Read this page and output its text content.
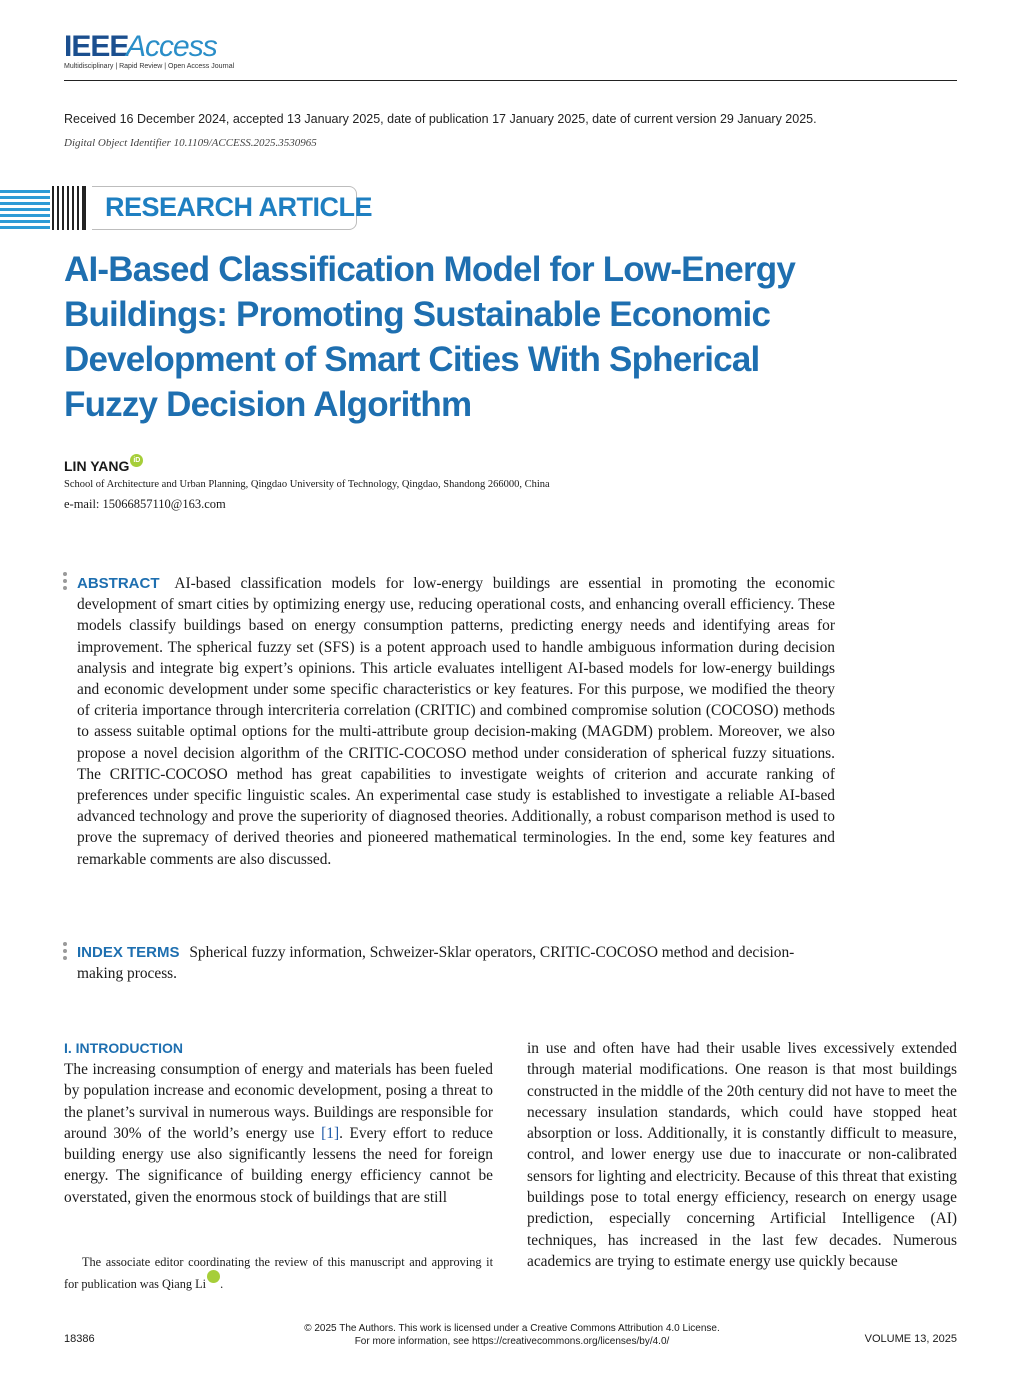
IEEE
Access
Multidisciplinary | Rapid Review | Open Access Journal
Received 16 December 2024, accepted 13 January 2025, date of publication 17 January 2025, date of current version 29 January 2025.
Digital Object Identifier 10.1109/ACCESS.2025.3530965
RESEARCH ARTICLE
AI-Based Classification Model for Low-Energy Buildings: Promoting Sustainable Economic Development of Smart Cities With Spherical Fuzzy Decision Algorithm
LIN YANG iD
School of Architecture and Urban Planning, Qingdao University of Technology, Qingdao, Shandong 266000, China
e-mail: 15066857110@163.com
ABSTRACT AI-based classification models for low-energy buildings are essential in promoting the economic development of smart cities by optimizing energy use, reducing operational costs, and enhancing overall efficiency. These models classify buildings based on energy consumption patterns, predicting energy needs and identifying areas for improvement. The spherical fuzzy set (SFS) is a potent approach used to handle ambiguous information during decision analysis and integrate big expert’s opinions. This article evaluates intelligent AI-based models for low-energy buildings and economic development under some specific characteristics or key features. For this purpose, we modified the theory of criteria importance through intercriteria correlation (CRITIC) and combined compromise solution (COCOSO) methods to assess suitable optimal options for the multi-attribute group decision-making (MAGDM) problem. Moreover, we also propose a novel decision algorithm of the CRITIC-COCOSO method under consideration of spherical fuzzy situations. The CRITIC-COCOSO method has great capabilities to investigate weights of criterion and accurate ranking of preferences under specific linguistic scales. An experimental case study is established to investigate a reliable AI-based advanced technology and prove the superiority of diagnosed theories. Additionally, a robust comparison method is used to prove the supremacy of derived theories and pioneered mathematical terminologies. In the end, some key features and remarkable comments are also discussed.
INDEX TERMS Spherical fuzzy information, Schweizer-Sklar operators, CRITIC-COCOSO method and decision-making process.
I. INTRODUCTION
The increasing consumption of energy and materials has been fueled by population increase and economic development, posing a threat to the planet’s survival in numerous ways. Buildings are responsible for around 30% of the world’s energy use [1]. Every effort to reduce building energy use also significantly lessens the need for foreign energy. The significance of building energy efficiency cannot be overstated, given the enormous stock of buildings that are still
in use and often have had their usable lives excessively extended through material modifications. One reason is that most buildings constructed in the middle of the 20th century did not have to meet the necessary insulation standards, which could have stopped heat absorption or loss. Additionally, it is constantly difficult to measure, control, and lower energy use due to inaccurate or non-calibrated sensors for lighting and electricity. Because of this threat that existing buildings pose to total energy efficiency, research on energy usage prediction, especially concerning Artificial Intelligence (AI) techniques, has increased in the last few decades. Numerous academics are trying to estimate energy use quickly because
The associate editor coordinating the review of this manuscript and approving it for publication was Qiang LiiD.
18386
© 2025 The Authors. This work is licensed under a Creative Commons Attribution 4.0 License.
For more information, see https://creativecommons.org/licenses/by/4.0/	VOLUME 13, 2025
